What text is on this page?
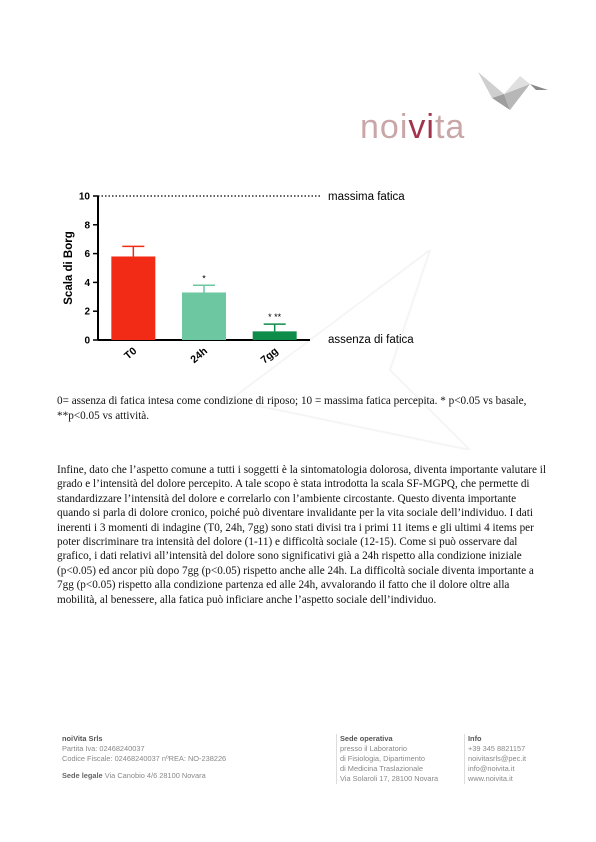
noivita
0
2
4
6
8
10
Scala di Borg
T0
*
24h
* **
7gg
massima fatica
assenza di fatica
0= assenza di fatica intesa come condizione di riposo; 10 = massima fatica percepita. * p<0.05 vs basale, **p<0.05 vs attività.
Infine, dato che l’aspetto comune a tutti i soggetti è la sintomatologia dolorosa, diventa importante valutare il grado e l’intensità del dolore percepito. A tale scopo è stata introdotta la scala SF-MGPQ, che permette di standardizzare l’intensità del dolore e correlarlo con l’ambiente circostante. Questo diventa importante quando si parla di dolore cronico, poiché può diventare invalidante per la vita sociale dell’individuo. I dati inerenti i 3 momenti di indagine (T0, 24h, 7gg) sono stati divisi tra i primi 11 items e gli ultimi 4 items per poter discriminare tra intensità del dolore (1-11) e difficoltà sociale (12-15). Come si può osservare dal grafico, i dati relativi all’intensità del dolore sono significativi già a 24h rispetto alla condizione iniziale (p<0.05) ed ancor più dopo 7gg (p<0.05) rispetto anche alle 24h. La difficoltà sociale diventa importante a 7gg (p<0.05) rispetto alla condizione partenza ed alle 24h, avvalorando il fatto che il dolore oltre alla mobilità, al benessere, alla fatica può inficiare anche l’aspetto sociale dell’individuo.
noiVita Srls
Partita Iva: 02468240037
Codice Fiscale: 02468240037 nºREA: NO-238226
Sede legale Via Canobio 4/6 28100 Novara
Sede operativa
presso il Laboratorio
di Fisiologia, Dipartimento
di Medicina Traslazionale
Via Solaroli 17, 28100 Novara
Info
+39 345 8821157
noivitasrls@pec.it
info@noivita.it
www.noivita.it
